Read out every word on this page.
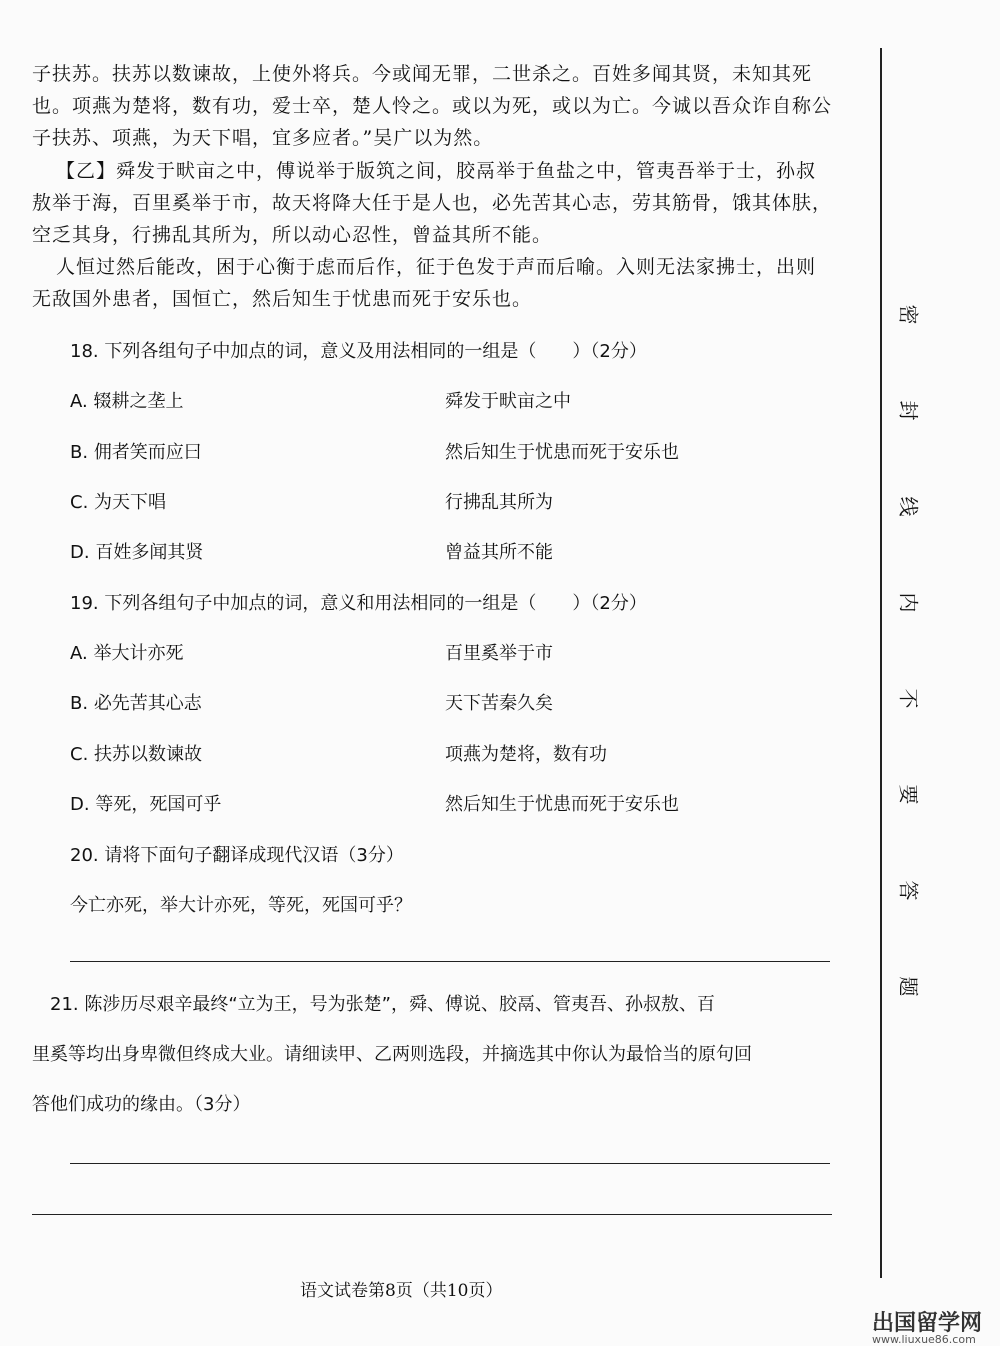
子扶苏。扶苏以数谏故，上使外将兵。今或闻无罪，二世杀之。百姓多闻其贤，未知其死
也。项燕为楚将，数有功，爱士卒，楚人怜之。或以为死，或以为亡。今诚以吾众诈自称公
子扶苏、项燕，为天下唱，宜多应者。”吴广以为然。
【乙】舜发于畎亩之中，傅说举于版筑之间，胶鬲举于鱼盐之中，管夷吾举于士，孙叔
敖举于海，百里奚举于市，故天将降大任于是人也，必先苦其心志，劳其筋骨，饿其体肤，
空乏其身，行拂乱其所为，所以动心忍性，曾益其所不能。
人恒过然后能改，困于心衡于虑而后作，征于色发于声而后喻。入则无法家拂士，出则
无敌国外患者，国恒亡，然后知生于忧患而死于安乐也。
18. 下列各组句子中加点的词，意义及用法相同的一组是（　　）（2分）
A. 辍耕之垄上	舜发于畎亩之中
B. 佣者笑而应曰	然后知生于忧患而死于安乐也
C. 为天下唱	行拂乱其所为
D. 百姓多闻其贤	曾益其所不能
19. 下列各组句子中加点的词，意义和用法相同的一组是（　　）（2分）
A. 举大计亦死	百里奚举于市
B. 必先苦其心志	天下苦秦久矣
C. 扶苏以数谏故	项燕为楚将，数有功
D. 等死，死国可乎	然后知生于忧患而死于安乐也
20. 请将下面句子翻译成现代汉语（3分）
今亡亦死，举大计亦死，等死，死国可乎？
　21. 陈涉历尽艰辛最终“立为王，号为张楚”，舜、傅说、胶鬲、管夷吾、孙叔敖、百
里奚等均出身卑微但终成大业。请细读甲、乙两则选段，并摘选其中你认为最恰当的原句回
答他们成功的缘由。（3分）
密
封
线
内
不
要
答
题
语文试卷第8页（共10页）
出国留学网
www.liuxue86.com
